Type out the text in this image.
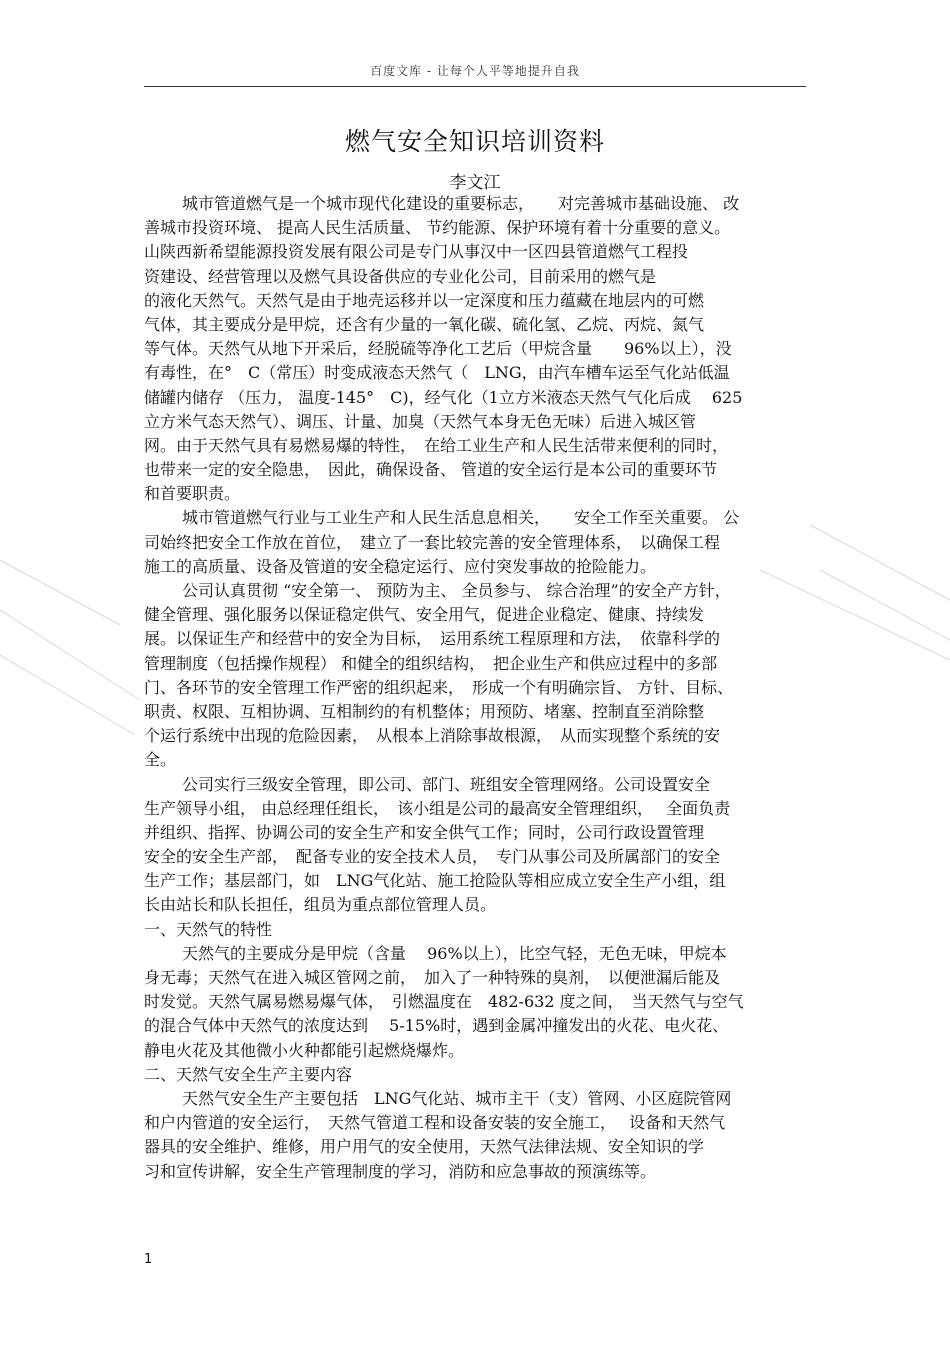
百度文库 - 让每个人平等地提升自我
燃气安全知识培训资料
李文江
城市管道燃气是一个城市现代化建设的重要标志，　　对完善城市基础设施、 改
善城市投资环境、 提高人民生活质量、 节约能源、保护环境有着十分重要的意义。
山陕西新希望能源投资发展有限公司是专门从事汉中一区四县管道燃气工程投
资建设、经营管理以及燃气具设备供应的专业化公司，目前采用的燃气是
的液化天然气。天然气是由于地壳运移并以一定深度和压力蕴藏在地层内的可燃
气体，其主要成分是甲烷，还含有少量的一氧化碳、硫化氢、乙烷、丙烷、氮气
等气体。天然气从地下开采后，经脱硫等净化工艺后（甲烷含量　　96%以上），没
有毒性，在°　C（常压）时变成液态天然气（　LNG，由汽车槽车运至气化站低温
储罐内储存 （压力， 温度-145°　C)，经气化（1立方米液态天然气气化后成　 625
立方米气态天然气）、调压、计量、加臭（天然气本身无色无味）后进入城区管
网。由于天然气具有易燃易爆的特性，　在给工业生产和人民生活带来便利的同时，
也带来一定的安全隐患，　因此，确保设备、 管道的安全运行是本公司的重要环节
和首要职责。
城市管道燃气行业与工业生产和人民生活息息相关，　　安全工作至关重要。 公
司始终把安全工作放在首位，　建立了一套比较完善的安全管理体系，　以确保工程
施工的高质量、设备及管道的安全稳定运行、应付突发事故的抢险能力。
公司认真贯彻 “安全第一、 预防为主、 全员参与、 综合治理”的安全产方针，
健全管理、强化服务以保证稳定供气、安全用气，促进企业稳定、健康、持续发
展。以保证生产和经营中的安全为目标，　运用系统工程原理和方法，　依靠科学的
管理制度（包括操作规程） 和健全的组织结构，　把企业生产和供应过程中的多部
门、各环节的安全管理工作严密的组织起来，　形成一个有明确宗旨、 方针、目标、
职责、权限、互相协调、互相制约的有机整体；用预防、堵塞、控制直至消除整
个运行系统中出现的危险因素，　从根本上消除事故根源，　从而实现整个系统的安
全。
公司实行三级安全管理，即公司、部门、班组安全管理网络。公司设置安全
生产领导小组， 由总经理任组长，　该小组是公司的最高安全管理组织，　 全面负责
并组织、指挥、协调公司的安全生产和安全供气工作；同时，公司行政设置管理
安全的安全生产部，　配备专业的安全技术人员，　专门从事公司及所属部门的安全
生产工作；基层部门，如　LNG气化站、施工抢险队等相应成立安全生产小组，组
长由站长和队长担任，组员为重点部位管理人员。
一、天然气的特性
天然气的主要成分是甲烷（含量　 96%以上），比空气轻，无色无味，甲烷本
身无毒；天然气在进入城区管网之前，　加入了一种特殊的臭剂，　以便泄漏后能及
时发觉。天然气属易燃易爆气体，　引燃温度在　482-632 度之间，　当天然气与空气
的混合气体中天然气的浓度达到　 5-15%时，遇到金属冲撞发出的火花、电火花、
静电火花及其他微小火种都能引起燃烧爆炸。
二、天然气安全生产主要内容
天然气安全生产主要包括　LNG气化站、城市主干（支）管网、小区庭院管网
和户内管道的安全运行，　天然气管道工程和设备安装的安全施工，　 设备和天然气
器具的安全维护、维修，用户用气的安全使用，天然气法律法规、安全知识的学
习和宣传讲解，安全生产管理制度的学习，消防和应急事故的预演练等。
1
